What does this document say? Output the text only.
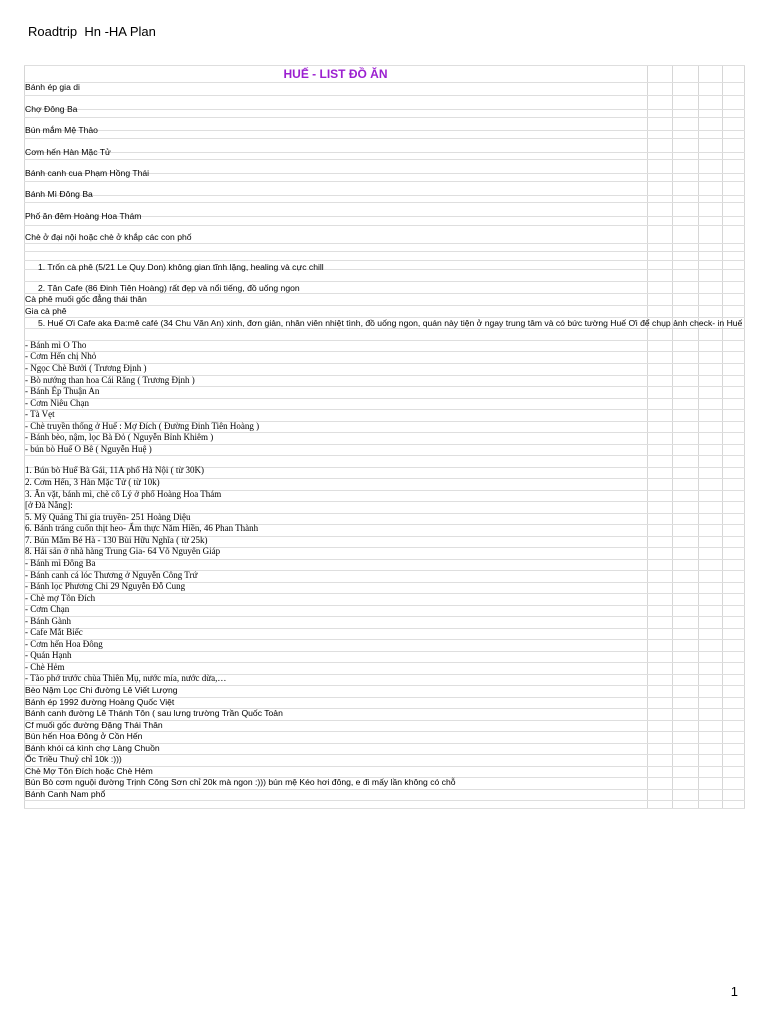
Roadtrip  Hn -HA Plan
HUẾ - LIST ĐỒ ĂN
Bánh ép gia di
Chợ Đông Ba
Bún mắm Mệ Thảo
Cơm hến Hàn Mặc Tử
Bánh canh cua Phạm Hồng Thái
Bánh Mì Đông Ba
Phố ăn đêm Hoàng Hoa Thám
Chè ở đại nội hoặc chè ở khắp các con phố
1. Trốn cà phê (5/21 Le Quy Don) không gian tĩnh lặng, healing và cực chill
2. Tân Cafe (86 Đinh Tiên Hoàng) rất đẹp và nổi tiếng, đồ uống ngon
Cà phê muối gốc đẳng thái thân
Gia cà phê
5. Huế Ơi Cafe aka Đa:mê café (34 Chu Văn An) xinh, đơn giản, nhân viên nhiệt tình, đồ uống ngon, quán này tiện ở ngay trung tâm và có bức tường Huế Ơi để chụp ảnh check- in Huế
- Bánh mì O Tho
- Cơm Hến chị Nhỏ
- Ngọc Chè Bưởi ( Trương Định )
- Bò nướng than hoa Cái Răng ( Trương Định )
- Bánh Ép Thuận An
- Cơm Niêu Chạn
- Tà Vẹt
- Chè truyền thống ở Huế : Mợ Đích ( Đường Đinh Tiên Hoàng )
- Bánh bèo, nậm, lọc Bà Đỏ ( Nguyễn Bỉnh Khiêm )
- bún bò Huế O Bê ( Nguyễn Huệ )
1. Bún bò Huế Bà Gái, 11A phố Hà Nội ( từ 30K)
2. Cơm Hến, 3 Hàn Mặc Tử ( từ 10k)
3. Ăn vặt, bánh mì, chè cô Lý ở phố Hoàng Hoa Thám
[ở Đà Nẵng]:
5. Mỳ Quảng Thi gia truyền- 251 Hoàng Diệu
6. Bánh tráng cuốn thịt heo- Ẩm thực Năm Hiền, 46 Phan Thành
7. Bún Mắm Bé Hà - 130 Bùi Hữu Nghĩa ( từ 25k)
8. Hải sản ở nhà hàng Trung Gia- 64 Võ Nguyên Giáp
- Bánh mì Đông Ba
- Bánh canh cá lóc Thương ở Nguyễn Công Trứ
- Bánh lọc Phương Chi 29 Nguyễn Đỗ Cung
- Chè mợ Tôn Đích
- Cơm Chạn
- Bánh Gành
- Cafe Mắt Biếc
- Cơm hến Hoa Đông
- Quán Hạnh
- Chè Hẻm
- Tào phớ trước chùa Thiên Mụ, nước mía, nước dừa,…
Bèo Nậm Lọc Chi đường Lê Viết Lượng
Bánh ép 1992 đường Hoàng Quốc Việt
Bánh canh đường Lê Thánh Tôn ( sau lưng trường Trần Quốc Toản
Cf muối gốc đường Đặng Thái Thân
Bún hến Hoa Đông ở Cồn Hến
Bánh khói cá kình chợ Làng Chuồn
Ốc Triều Thuỷ chỉ 10k :)))
Chè Mợ Tôn Đích hoặc Chè Hẻm
Bún Bò cơm nguội đường Trịnh Công Sơn chỉ 20k mà ngon :))) bún mệ Kéo hơi đông, e đi mấy lần không có chỗ
Bánh Canh Nam phổ
1
